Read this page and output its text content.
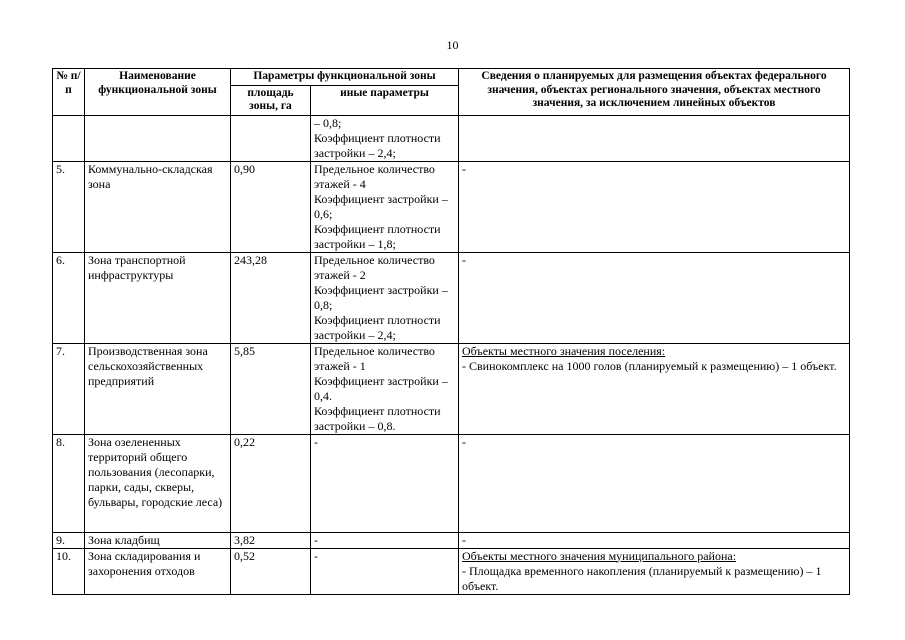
10
№ п/п	Наименование функциональной зоны	Параметры функциональной зоны		Сведения о планируемых для размещения объектах федерального значения, объектах регионального значения, объектах местного значения, за исключением линейных объектов
		площадь зоны, га	иные параметры	

			– 0,8;
Коэффициент плотности застройки – 2,4;	

5.	Коммунально-складская зона	0,90	Предельное количество этажей - 4
Коэффициент застройки – 0,6;
Коэффициент плотности застройки – 1,8;	-
6.	Зона транспортной инфраструктуры	243,28	Предельное количество этажей - 2
Коэффициент застройки – 0,8;
Коэффициент плотности застройки – 2,4;	-
7.	Производственная зона сельскохозяйственных предприятий	5,85	Предельное количество этажей - 1
Коэффициент застройки – 0,4.
Коэффициент плотности застройки – 0,8.	Объекты местного значения поселения:
- Свинокомплекс на 1000 голов (планируемый к размещению) – 1 объект.

8.	Зона озелененных территорий общего пользования (лесопарки, парки, сады, скверы, бульвары, городские леса)	0,22	-	-
9.	Зона кладбищ	3,82	-	-
10.	Зона складирования и захоронения отходов	0,52	-	Объекты местного значения муниципального района:
- Площадка временного накопления (планируемый к размещению) – 1 объект.
